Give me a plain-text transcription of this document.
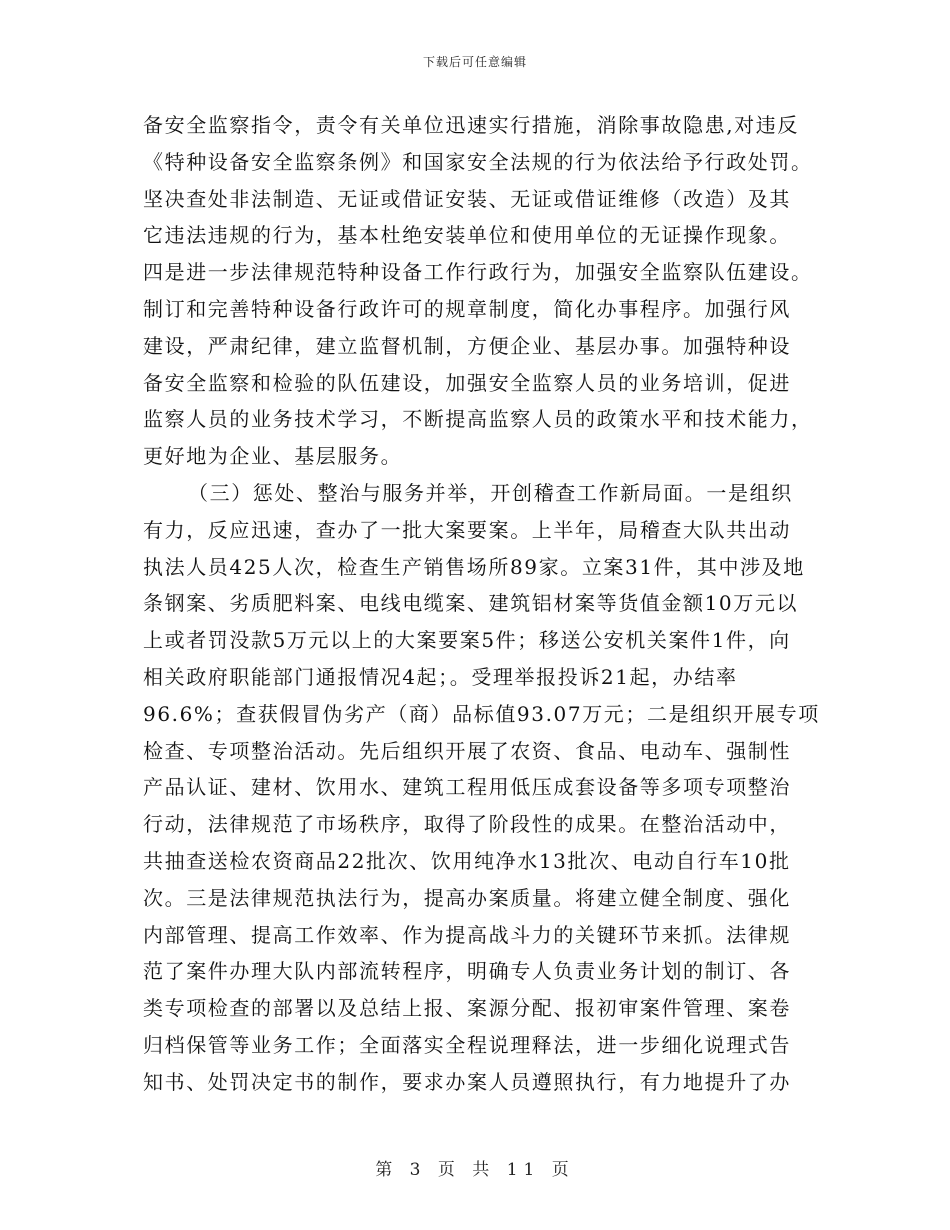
下载后可任意编辑
备安全监察指令，责令有关单位迅速实行措施，消除事故隐患,对违反
《特种设备安全监察条例》和国家安全法规的行为依法给予行政处罚。
坚决查处非法制造、无证或借证安装、无证或借证维修（改造）及其
它违法违规的行为，基本杜绝安装单位和使用单位的无证操作现象。
四是进一步法律规范特种设备工作行政行为，加强安全监察队伍建设。
制订和完善特种设备行政许可的规章制度，简化办事程序。加强行风
建设，严肃纪律，建立监督机制，方便企业、基层办事。加强特种设
备安全监察和检验的队伍建设，加强安全监察人员的业务培训，促进
监察人员的业务技术学习，不断提高监察人员的政策水平和技术能力，
更好地为企业、基层服务。
（三）惩处、整治与服务并举，开创稽查工作新局面。一是组织
有力，反应迅速，查办了一批大案要案。上半年，局稽查大队共出动
执法人员425人次，检查生产销售场所89家。立案31件，其中涉及地
条钢案、劣质肥料案、电线电缆案、建筑铝材案等货值金额10万元以
上或者罚没款5万元以上的大案要案5件；移送公安机关案件1件，向
相关政府职能部门通报情况4起；。受理举报投诉21起，办结率
96.6%；查获假冒伪劣产（商）品标值93.07万元；二是组织开展专项
检查、专项整治活动。先后组织开展了农资、食品、电动车、强制性
产品认证、建材、饮用水、建筑工程用低压成套设备等多项专项整治
行动，法律规范了市场秩序，取得了阶段性的成果。在整治活动中，
共抽查送检农资商品22批次、饮用纯净水13批次、电动自行车10批
次。三是法律规范执法行为，提高办案质量。将建立健全制度、强化
内部管理、提高工作效率、作为提高战斗力的关键环节来抓。法律规
范了案件办理大队内部流转程序，明确专人负责业务计划的制订、各
类专项检查的部署以及总结上报、案源分配、报初审案件管理、案卷
归档保管等业务工作；全面落实全程说理释法，进一步细化说理式告
知书、处罚决定书的制作，要求办案人员遵照执行，有力地提升了办
第 3 页 共 11 页
